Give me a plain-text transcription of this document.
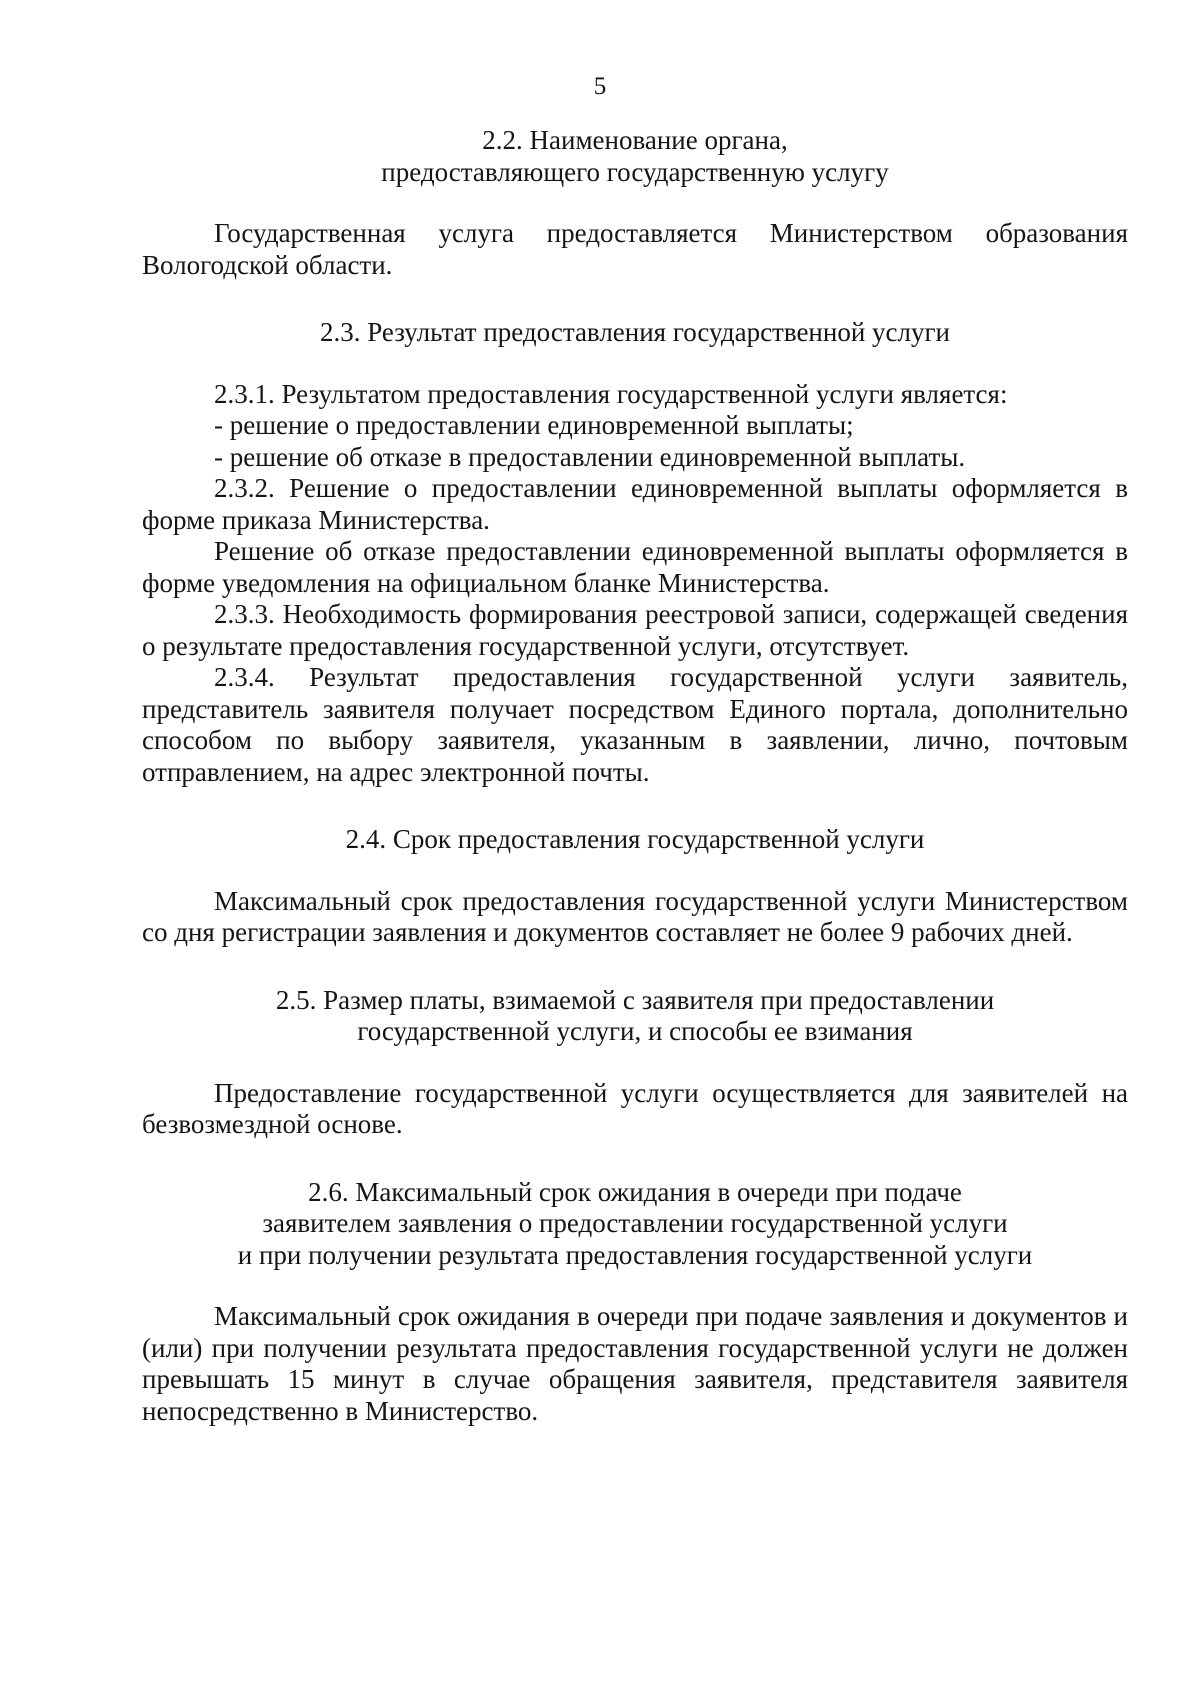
5
2.2. Наименование органа,
предоставляющего государственную услугу

Государственная услуга предоставляется Министерством образования Вологодской области.

2.3. Результат предоставления государственной услуги

2.3.1. Результатом предоставления государственной услуги является:

- решение о предоставлении единовременной выплаты;

- решение об отказе в предоставлении единовременной выплаты.

2.3.2. Решение о предоставлении единовременной выплаты оформляется в форме приказа Министерства.

Решение об отказе предоставлении единовременной выплаты оформляется в форме уведомления на официальном бланке Министерства.

2.3.3. Необходимость формирования реестровой записи, содержащей сведения о результате предоставления государственной услуги, отсутствует.

2.3.4. Результат предоставления государственной услуги заявитель, представитель заявителя получает посредством Единого портала, дополнительно способом по выбору заявителя, указанным в заявлении, лично, почтовым отправлением, на адрес электронной почты.

2.4. Срок предоставления государственной услуги

Максимальный срок предоставления государственной услуги Министерством со дня регистрации заявления и документов составляет не более 9 рабочих дней.

2.5. Размер платы, взимаемой с заявителя при предоставлении
государственной услуги, и способы ее взимания

Предоставление государственной услуги осуществляется для заявителей на безвозмездной основе.

2.6. Максимальный срок ожидания в очереди при подаче
заявителем заявления о предоставлении государственной услуги
и при получении результата предоставления государственной услуги

Максимальный срок ожидания в очереди при подаче заявления и документов и (или) при получении результата предоставления государственной услуги не должен превышать 15 минут в случае обращения заявителя, представителя заявителя непосредственно в Министерство.
